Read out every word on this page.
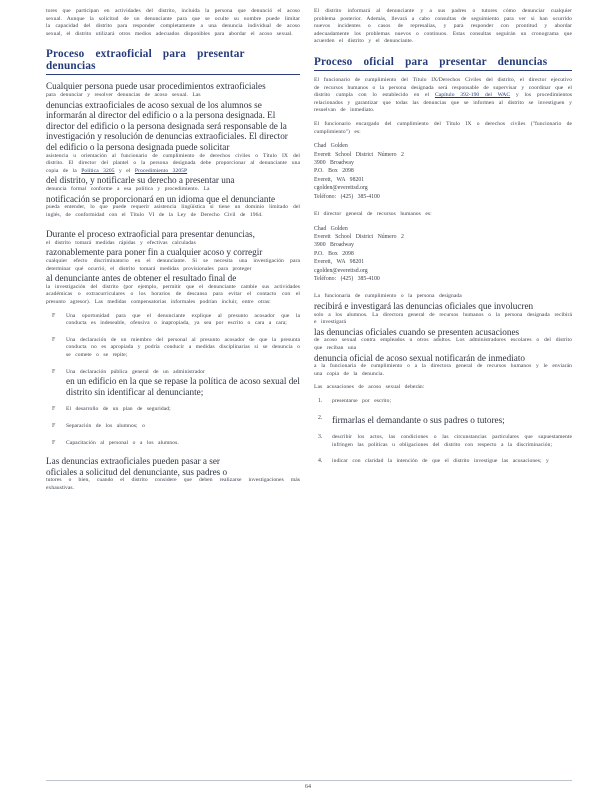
tores que participan en actividades del distrito, incluida la persona que denunció el acoso sexual. Aunque la solicitud de un denunciante para que se oculte su nombre puede limitar la capacidad del distrito para responder completamente a una denuncia individual de acoso sexual, el distrito utilizará otros medios adecuados disponibles para abordar el acoso sexual.

Proceso extraoficial para presentar denuncias

Cualquier persona puede usar procedimientos extraoficiales

para denunciar y resolver denuncias de acoso sexual. Las

denuncias extraoficiales de acoso sexual de los alumnos se informarán al director del edificio o a la persona designada. El director del edificio o la persona designada será responsable de la investigación y resolución de denuncias extraoficiales. El director del edificio o la persona designada puede solicitar

asistencia u orientación al funcionario de cumplimiento de derechos civiles o Título IX del distrito. El director del plantel o la persona designada debe proporcionar al denunciante una copia de la Política 3205 y el Procedimiento 3205P

del distrito, y notificarle su derecho a presentar una

denuncia formal conforme a esa política y procedimiento. La

notificación se proporcionará en un idioma que el denunciante

pueda entender, lo que puede requerir asistencia lingüística si tiene un dominio limitado del inglés, de conformidad con el Título VI de la Ley de Derecho Civil de 1964.

Durante el proceso extraoficial para presentar denuncias,

el distrito tomará medidas rápidas y efectivas calculadas

razonablemente para poner fin a cualquier acoso y corregir

cualquier efecto discriminatorio en el denunciante. Si se necesita una investigación para determinar qué ocurrió, el distrito tomará medidas provisionales para proteger

al denunciante antes de obtener el resultado final de

la investigación del distrito (por ejemplo, permitir que el denunciante cambie sus actividades académicas o extracurriculares o los horarios de descanso para evitar el contacto con el presunto agresor). Las medidas compensatorias informales podrían incluir, entre otras:

F Una oportunidad para que el denunciante explique al presunto acosador que la conducta es indeseable, ofensiva o inapropiada, ya sea por escrito o cara a cara;

F Una declaración de un miembro del personal al presunto acosador de que la presunta conducta no es apropiada y podría conducir a medidas disciplinarias si se denuncia o se comete o se repite;

F Una declaración pública general de un administrador

en un edificio en la que se repase la política de acoso sexual del distrito sin identificar al denunciante;

F El desarrollo de un plan de seguridad;

F Separación de los alumnos; o

F Capacitación al personal o a los alumnos.

Las denuncias extraoficiales pueden pasar a ser

oficiales a solicitud del denunciante, sus padres o

tutores o bien, cuando el distrito considere que deben realizarse investigaciones más exhaustivas.

El distrito informará al denunciante y a sus padres o tutores cómo denunciar cualquier problema posterior. Además, llevará a cabo consultas de seguimiento para ver si han ocurrido nuevos incidentes o casos de represalias, y para responder con prontitud y abordar adecuadamente los problemas nuevos o continuos. Estas consultas seguirán un cronograma que acuerden el distrito y el denunciante.

Proceso oficial para presentar denuncias

El funcionario de cumplimiento del Título IX/Derechos Civiles del distrito, el director ejecutivo de recursos humanos o la persona designada será responsable de supervisar y coordinar que el distrito cumpla con lo establecido en el Capítulo 392-190 del WAC y los procedimientos relacionados y garantizar que todas las denuncias que se informen al distrito se investiguen y resuelvan de inmediato.

El funcionario encargado del cumplimiento del Título IX o derechos civiles ("funcionario de cumplimiento") es:

Chad Golden

Everett School District Número 2

3900 Broadway

P.O. Box 2098

Everett, WA 98201

cgolden@everettsd.org

Teléfono: (425) 385-4100

El director general de recursos humanos es:

Chad Golden

Everett School District Número 2

3900 Broadway

P.O. Box 2098

Everett, WA 98201

cgolden@everettsd.org

Teléfono: (425) 385-4100

La funcionaria de cumplimiento o la persona designada

recibirá e investigará las denuncias oficiales que involucren

solo a los alumnos. La directora general de recursos humanos o la persona designada recibirá e investigará

las denuncias oficiales cuando se presenten acusaciones

de acoso sexual contra empleados u otros adultos. Los administradores escolares o del distrito que reciban una

denuncia oficial de acoso sexual notificarán de inmediato

a la funcionaria de cumplimiento o a la directora general de recursos humanos y le enviarán una copia de la denuncia.

Las acusaciones de acoso sexual deberán:

1. presentarse por escrito;

2. firmarlas el demandante o sus padres o tutores;

3. describir los actos, las condiciones o las circunstancias particulares que supuestamente infringen las políticas u obligaciones del distrito con respecto a la discriminación;

4. indicar con claridad la intención de que el distrito investigue las acusaciones; y

64
